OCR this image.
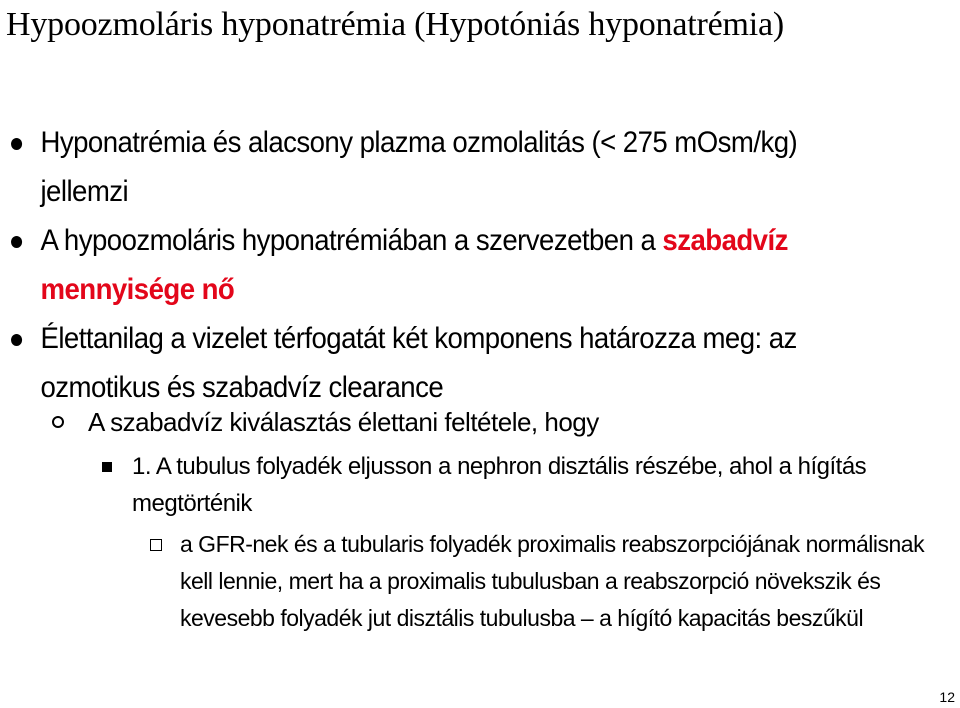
Hypoozmoláris hyponatrémia (Hypotóniás hyponatrémia)
Hyponatrémia és alacsony plazma ozmolalitás (< 275 mOsm/kg) jellemzi
A hypoozmoláris hyponatrémiában a szervezetben a szabadvíz mennyisége nő
Élettanilag a vizelet térfogatát két komponens határozza meg: az ozmotikus és szabadvíz clearance
A szabadvíz kiválasztás élettani feltétele, hogy
1. A tubulus folyadék eljusson a nephron disztális részébe, ahol a hígítás megtörténik
a GFR-nek és a tubularis folyadék proximalis reabszorpciójának normálisnak kell lennie, mert ha a proximalis tubulusban a reabszorpció növekszik és kevesebb folyadék jut disztális tubulusba – a hígító kapacitás beszűkül
12
